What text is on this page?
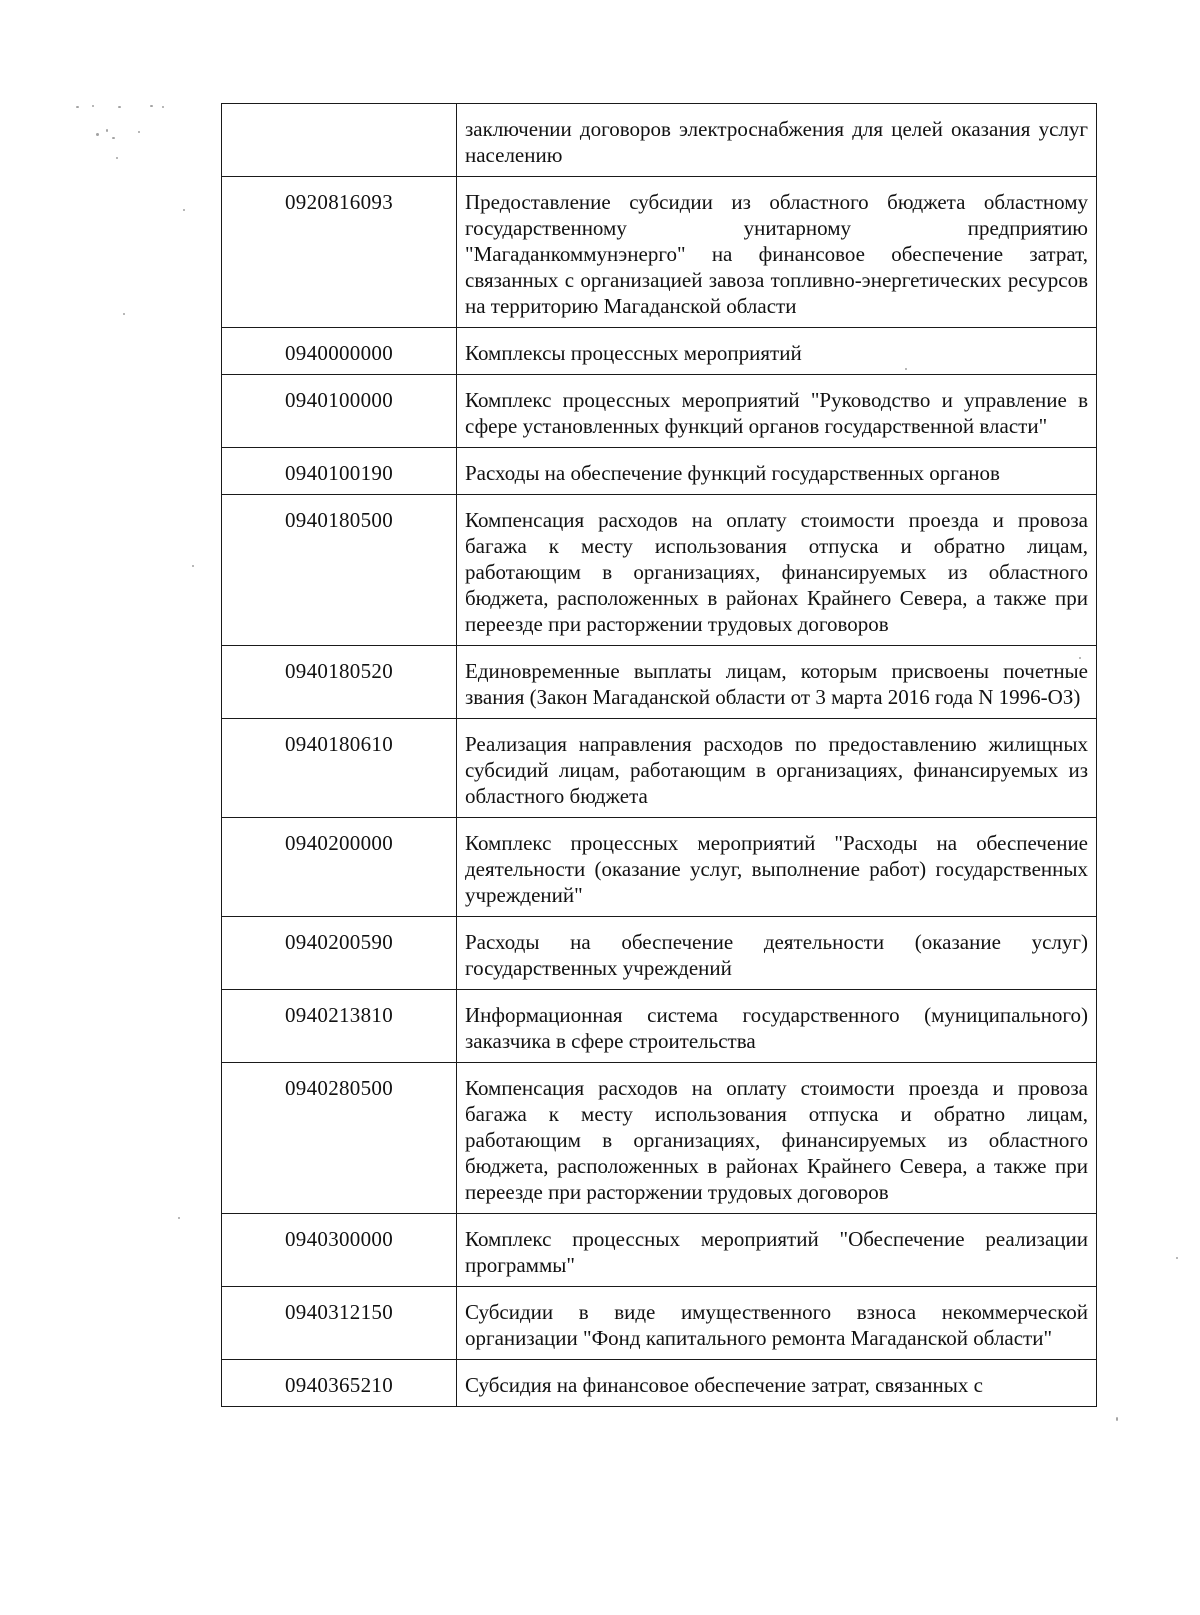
	заключении договоров электроснабжения для целей оказания услуг населению
0920816093	Предоставление субсидии из областного бюджета областному государственному унитарному предприятию "Магаданкоммунэнерго" на финансовое обеспечение затрат, связанных с организацией завоза топливно-энергетических ресурсов на территорию Магаданской области
0940000000	Комплексы процессных мероприятий
0940100000	Комплекс процессных мероприятий "Руководство и управление в сфере установленных функций органов государственной власти"
0940100190	Расходы на обеспечение функций государственных органов
0940180500	Компенсация расходов на оплату стоимости проезда и провоза багажа к месту использования отпуска и обратно лицам, работающим в организациях, финансируемых из областного бюджета, расположенных в районах Крайнего Севера, а также при переезде при расторжении трудовых договоров
0940180520	Единовременные выплаты лицам, которым присвоены почетные звания (Закон Магаданской области от 3 марта 2016 года N 1996-ОЗ)
0940180610	Реализация направления расходов по предоставлению жилищных субсидий лицам, работающим в организациях, финансируемых из областного бюджета
0940200000	Комплекс процессных мероприятий "Расходы на обеспечение деятельности (оказание услуг, выполнение работ) государственных учреждений"
0940200590	Расходы на обеспечение деятельности (оказание услуг) государственных учреждений
0940213810	Информационная система государственного (муниципального) заказчика в сфере строительства
0940280500	Компенсация расходов на оплату стоимости проезда и провоза багажа к месту использования отпуска и обратно лицам, работающим в организациях, финансируемых из областного бюджета, расположенных в районах Крайнего Севера, а также при переезде при расторжении трудовых договоров
0940300000	Комплекс процессных мероприятий "Обеспечение реализации программы"
0940312150	Субсидии в виде имущественного взноса некоммерческой организации "Фонд капитального ремонта Магаданской области"
0940365210	Субсидия на финансовое обеспечение затрат, связанных с
